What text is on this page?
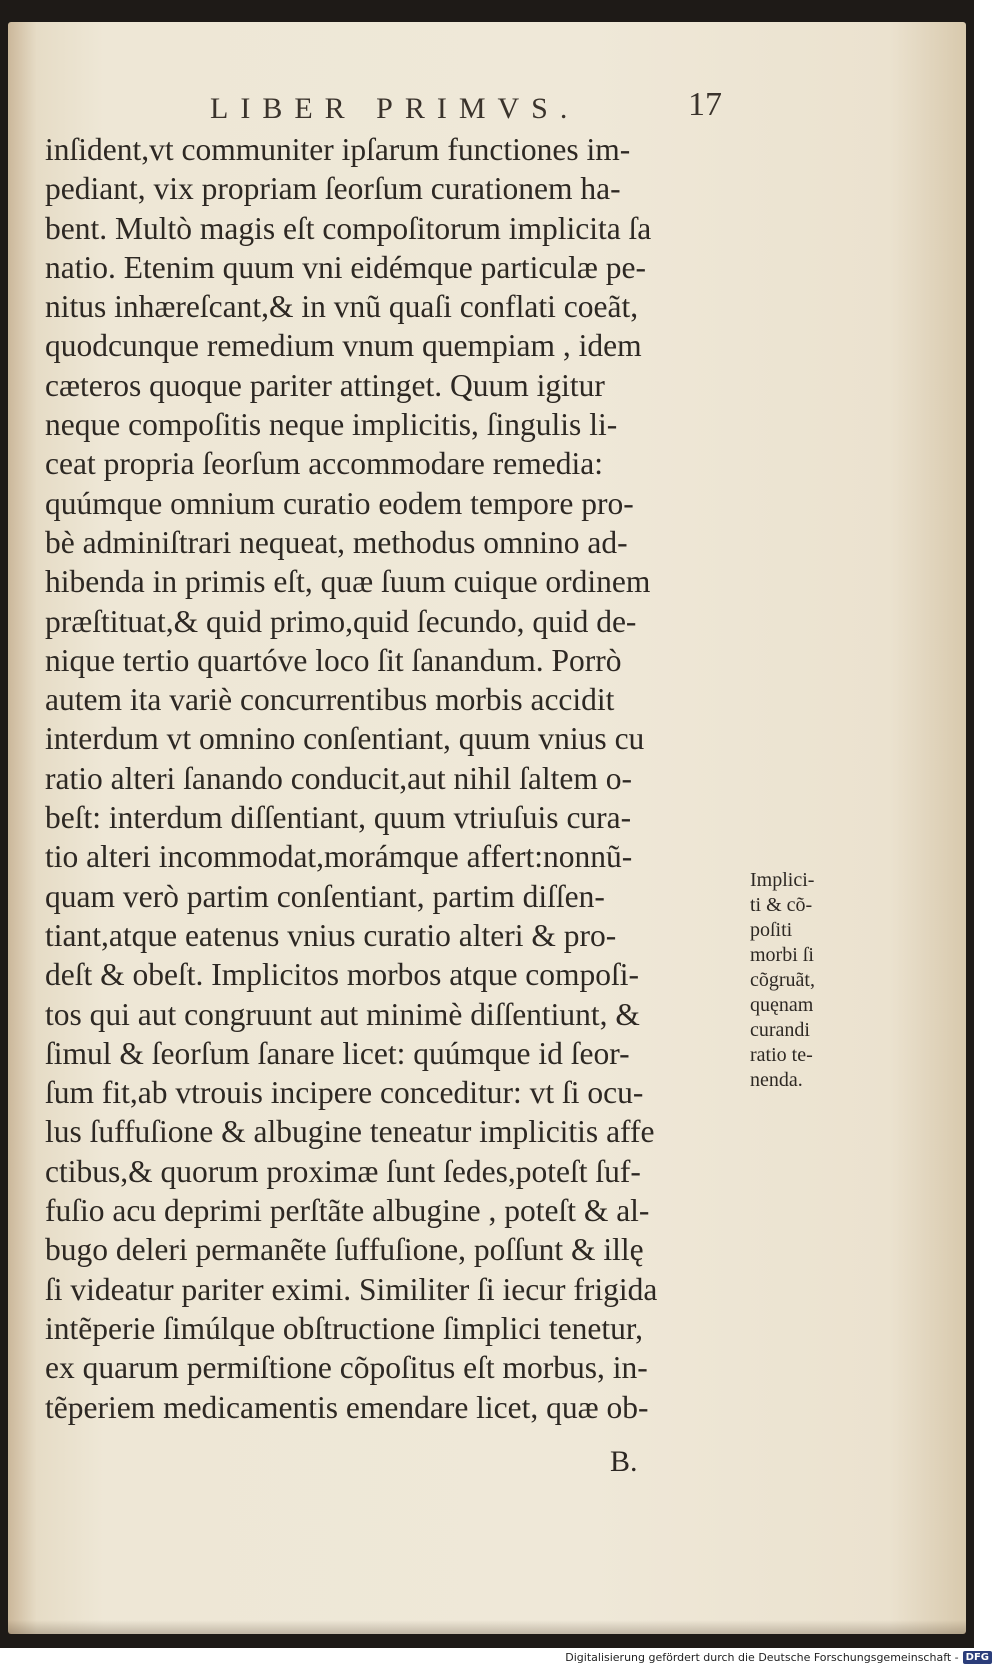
LIBER PRIMVS.	17
inſident,vt communiter ipſarum functiones im-
pediant, vix propriam ſeorſum curationem ha-
bent. Multò magis eſt compoſitorum implicita ſa
natio. Etenim quum vni eidémque particulæ pe-
nitus inhæreſcant,& in vnũ quaſi conflati coeãt,
quodcunque remedium vnum quempiam , idem
cæteros quoque pariter attinget. Quum igitur
neque compoſitis neque implicitis, ſingulis li-
ceat propria ſeorſum accommodare remedia:
quúmque omnium curatio eodem tempore pro-
bè adminiſtrari nequeat, methodus omnino ad-
hibenda in primis eſt, quæ ſuum cuique ordinem
præſtituat,& quid primo,quid ſecundo, quid de-
nique tertio quartóve loco ſit ſanandum. Porrò
autem ita variè concurrentibus morbis accidit
interdum vt omnino conſentiant, quum vnius cu
ratio alteri ſanando conducit,aut nihil ſaltem o-
beſt: interdum diſſentiant, quum vtriuſuis cura-
tio alteri incommodat,morámque affert:nonnũ-
quam verò partim conſentiant, partim diſſen-
tiant,atque eatenus vnius curatio alteri & pro-
deſt & obeſt. Implicitos morbos atque compoſi-
tos qui aut congruunt aut minimè diſſentiunt, &
ſimul & ſeorſum ſanare licet: quúmque id ſeor-
ſum fit,ab vtrouis incipere conceditur: vt ſi ocu-
lus ſuffuſione & albugine teneatur implicitis affe
ctibus,& quorum proximæ ſunt ſedes,poteſt ſuf-
fuſio acu deprimi perſtãte albugine , poteſt & al-
bugo deleri permanẽte ſuffuſione, poſſunt & illę
ſi videatur pariter eximi. Similiter ſi iecur frigida
intẽperie ſimúlque obſtructione ſimplici tenetur,
ex quarum permiſtione cõpoſitus eſt morbus, in-
tẽperiem medicamentis emendare licet, quæ ob-
Implici-
ti & cõ-
poſiti
morbi ſi
cõgruãt,
quęnam
curandi
ratio te-
nenda.
B.
Digitalisierung gefördert durch die Deutsche Forschungsgemeinschaft - DFG
